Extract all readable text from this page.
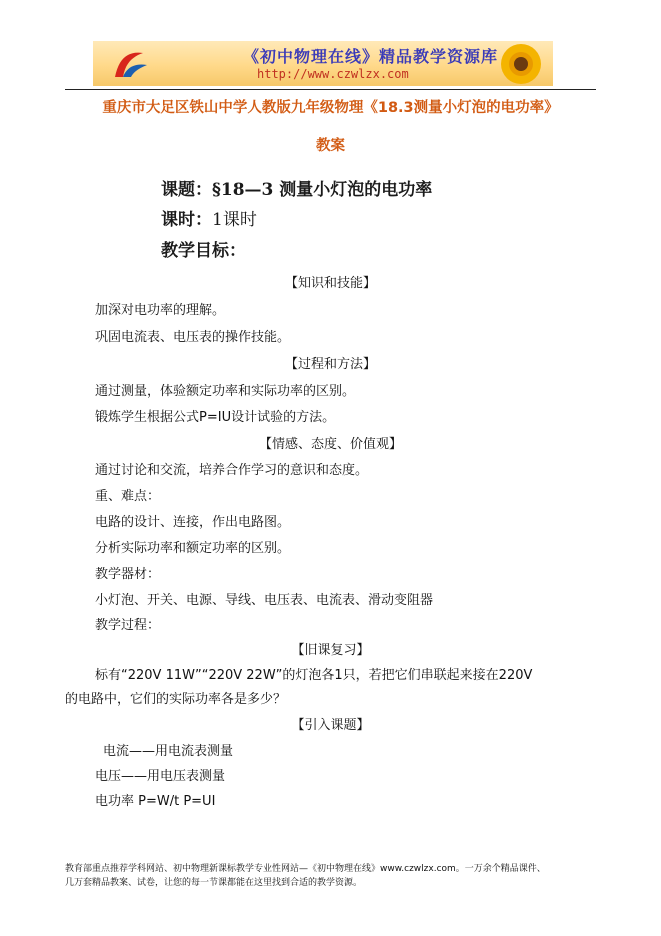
《初中物理在线》精品教学资源库
http://www.czwlzx.com
重庆市大足区铁山中学人教版九年级物理《18.3测量小灯泡的电功率》
教案
课题：§18—3 测量小灯泡的电功率
课时：1课时
教学目标：
【知识和技能】
加深对电功率的理解。
巩固电流表、电压表的操作技能。
【过程和方法】
通过测量，体验额定功率和实际功率的区别。
锻炼学生根据公式P=IU设计试验的方法。
【情感、态度、价值观】
通过讨论和交流，培养合作学习的意识和态度。
重、难点：
电路的设计、连接，作出电路图。
分析实际功率和额定功率的区别。
教学器材：
小灯泡、开关、电源、导线、电压表、电流表、滑动变阻器
教学过程：
【旧课复习】
标有“220V 11W”“220V 22W”的灯泡各1只，若把它们串联起来接在220V
的电路中，它们的实际功率各是多少？
【引入课题】
电流——用电流表测量
电压——用电压表测量
电功率 P=W/t P=UI
教育部重点推荐学科网站、初中物理新课标教学专业性网站—《初中物理在线》www.czwlzx.com。一万余个精品课件、
几万套精品教案、试卷，让您的每一节课都能在这里找到合适的教学资源。
